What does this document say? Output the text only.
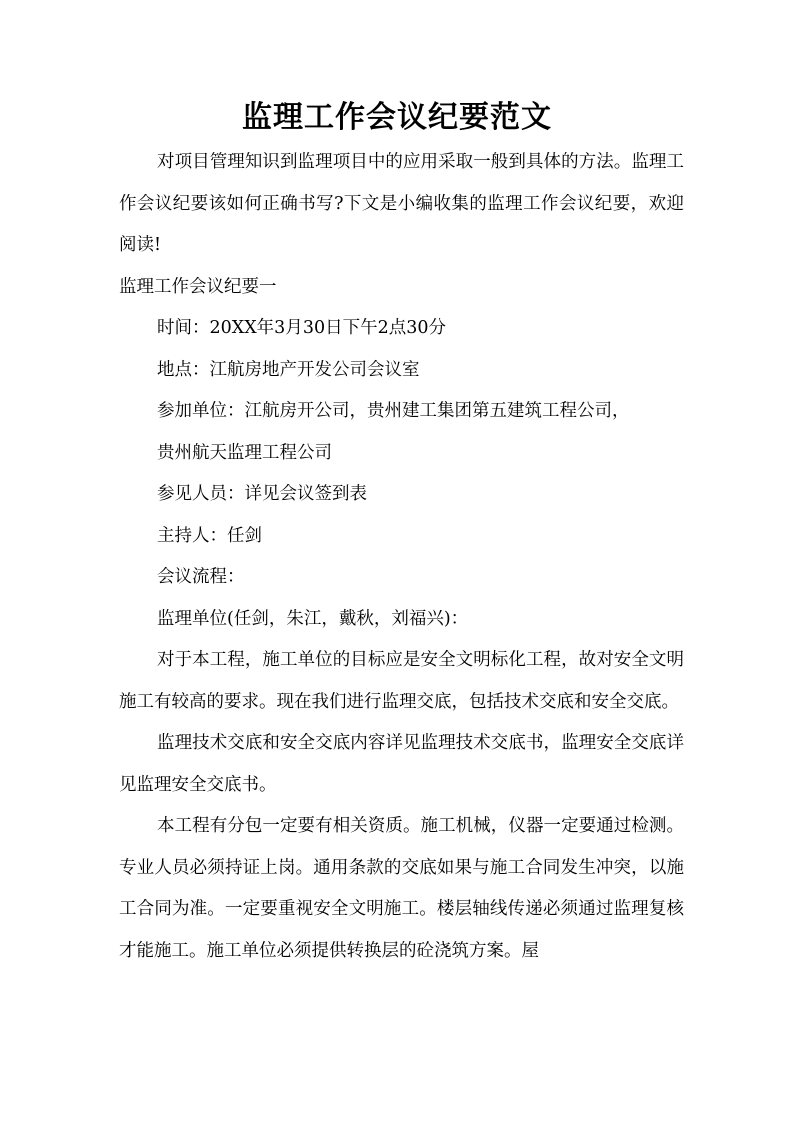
监理工作会议纪要范文

对项目管理知识到监理项目中的应用采取一般到具体的方法。监理工作会议纪要该如何正确书写?下文是小编收集的监理工作会议纪要，欢迎阅读!

监理工作会议纪要一

时间：20XX年3月30日下午2点30分

地点：江航房地产开发公司会议室

参加单位：江航房开公司，贵州建工集团第五建筑工程公司，

贵州航天监理工程公司

参见人员：详见会议签到表

主持人：任剑

会议流程：

监理单位(任剑，朱江，戴秋，刘福兴)：

对于本工程，施工单位的目标应是安全文明标化工程，故对安全文明施工有较高的要求。现在我们进行监理交底，包括技术交底和安全交底。

监理技术交底和安全交底内容详见监理技术交底书，监理安全交底详见监理安全交底书。

本工程有分包一定要有相关资质。施工机械，仪器一定要通过检测。专业人员必须持证上岗。通用条款的交底如果与施工合同发生冲突，以施工合同为准。一定要重视安全文明施工。楼层轴线传递必须通过监理复核才能施工。施工单位必须提供转换层的砼浇筑方案。屋
